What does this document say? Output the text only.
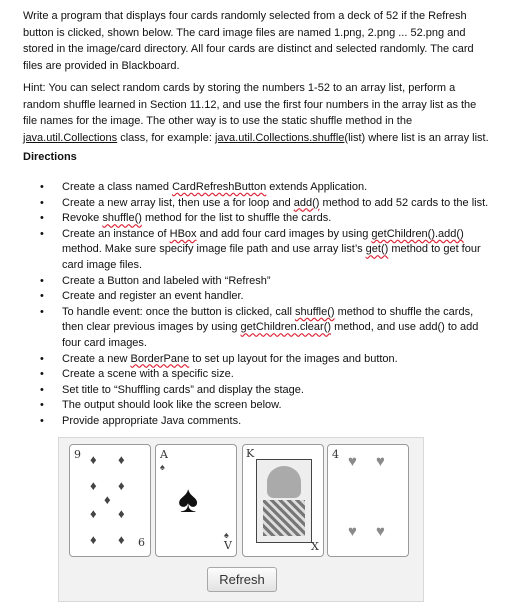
Write a program that displays four cards randomly selected from a deck of 52 if the Refresh
button is clicked, shown below. The card image files are named 1.png, 2.png ... 52.png and
stored in the image/card directory. All four cards are distinct and selected randomly. The card
files are provided in Blackboard.
Hint: You can select random cards by storing the numbers 1-52 to an array list, perform a
random shuffle learned in Section 11.12, and use the first four numbers in the array list as the
file names for the image. The other way is to use the static shuffle method in the
java.util.Collections class, for example: java.util.Collections.shuffle(list) where list is an array list.
Directions
• Create a class named CardRefreshButton extends Application.
• Create a new array list, then use a for loop and add() method to add 52 cards to the list.
• Revoke shuffle() method for the list to shuffle the cards.
• Create an instance of HBox and add four card images by using getChildren().add()
method. Make sure specify image file path and use array list’s get() method to get four
card image files.
• Create a Button and labeled with “Refresh”
• Create and register an event handler.
• To handle event: once the button is clicked, call shuffle() method to shuffle the cards,
then clear previous images by using getChildren.clear() method, and use add() to add
four card images.
• Create a new BorderPane to set up layout for the images and button.
• Create a scene with a specific size.
• Set title to “Shuffling cards” and display the stage.
• The output should look like the screen below.
• Provide appropriate Java comments.
9 ♦ ♦
♦ ♦
♦
♦ ♦
♦ ♦ 6
A
♠
♠
♠
V
K
X
4 ♥ ♥
♥ ♥
Refresh
